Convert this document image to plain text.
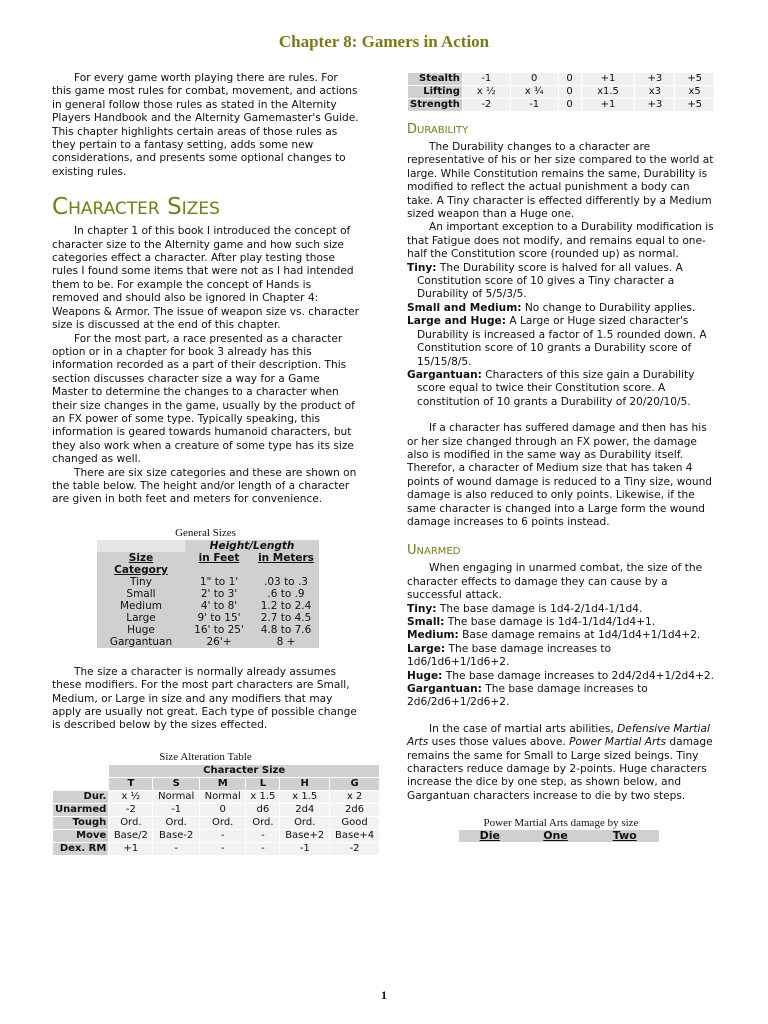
Chapter 8: Gamers in Action

For every game worth playing there are rules. For this game most rules for combat, movement, and actions in general follow those rules as stated in the Alternity Players Handbook and the Alternity Gamemaster's Guide. This chapter highlights certain areas of those rules as they pertain to a fantasy setting, adds some new considerations, and presents some optional changes to existing rules.

CHARACTER SIZES

In chapter 1 of this book I introduced the concept of character size to the Alternity game and how such size categories effect a character. After play testing those rules I found some items that were not as I had intended them to be. For example the concept of Hands is removed and should also be ignored in Chapter 4: Weapons & Armor. The issue of weapon size vs. character size is discussed at the end of this chapter.

For the most part, a race presented as a character option or in a chapter for book 3 already has this information recorded as a part of their description. This section discusses character size a way for a Game Master to determine the changes to a character when their size changes in the game, usually by the product of an FX power of some type. Typically speaking, this information is geared towards humanoid characters, but they also work when a creature of some type has its size changed as well.

There are six size categories and these are shown on the table below. The height and/or length of a character are given in both feet and meters for convenience.

General Sizes

	Height/Length	
Size Category	in Feet	in Meters
Tiny	1" to 1'	.03 to .3
Small	2' to 3'	.6 to .9
Medium	4' to 8'	1.2 to 2.4
Large	9' to 15'	2.7 to 4.5
Huge	16' to 25'	4.8 to 7.6
Gargantuan	26'+	8 +

The size a character is normally already assumes these modifiers. For the most part characters are Small, Medium, or Large in size and any modifiers that may apply are usually not great. Each type of possible change is described below by the sizes effected.

Size Alteration Table

	Character Size					
	T	S	M	L	H	G
Dur.	x ½	Normal	Normal	x 1.5	x 1.5	x 2
Unarmed	-2	-1	0	d6	2d4	2d6
Tough	Ord.	Ord.	Ord.	Ord.	Ord.	Good
Move	Base/2	Base-2	-	-	Base+2	Base+4
Dex. RM	+1	-	-	-	-1	-2
Stealth	-1	0	0	+1	+3	+5
Lifting	x ½	x ¾	0	x1.5	x3	x5
Strength	-2	-1	0	+1	+3	+5
DURABILITY

The Durability changes to a character are representative of his or her size compared to the world at large. While Constitution remains the same, Durability is modified to reflect the actual punishment a body can take. A Tiny character is effected differently by a Medium sized weapon than a Huge one.

An important exception to a Durability modification is that Fatigue does not modify, and remains equal to one-half the Constitution score (rounded up) as normal.

Tiny: The Durability score is halved for all values. A Constitution score of 10 gives a Tiny character a Durability of 5/5/3/5.

Small and Medium: No change to Durability applies.

Large and Huge: A Large or Huge sized character's Durability is increased a factor of 1.5 rounded down. A Constitution score of 10 grants a Durability score of 15/15/8/5.

Gargantuan: Characters of this size gain a Durability score equal to twice their Constitution score. A constitution of 10 grants a Durability of 20/20/10/5.

If a character has suffered damage and then has his or her size changed through an FX power, the damage also is modified in the same way as Durability itself. Therefor, a character of Medium size that has taken 4 points of wound damage is reduced to a Tiny size, wound damage is also reduced to only points. Likewise, if the same character is changed into a Large form the wound damage increases to 6 points instead.

UNARMED

When engaging in unarmed combat, the size of the character effects to damage they can cause by a successful attack.

Tiny: The base damage is 1d4-2/1d4-1/1d4.

Small: The base damage is 1d4-1/1d4/1d4+1.

Medium: Base damage remains at 1d4/1d4+1/1d4+2.

Large: The base damage increases to 1d6/1d6+1/1d6+2.

Huge: The base damage increases to 2d4/2d4+1/2d4+2.

Gargantuan: The base damage increases to 2d6/2d6+1/2d6+2.

In the case of martial arts abilities, Defensive Martial Arts uses those values above. Power Martial Arts damage remains the same for Small to Large sized beings. Tiny characters reduce damage by 2-points. Huge characters increase the dice by one step, as shown below, and Gargantuan characters increase to die by two steps.

Power Martial Arts damage by size

Die	One	Two
1
